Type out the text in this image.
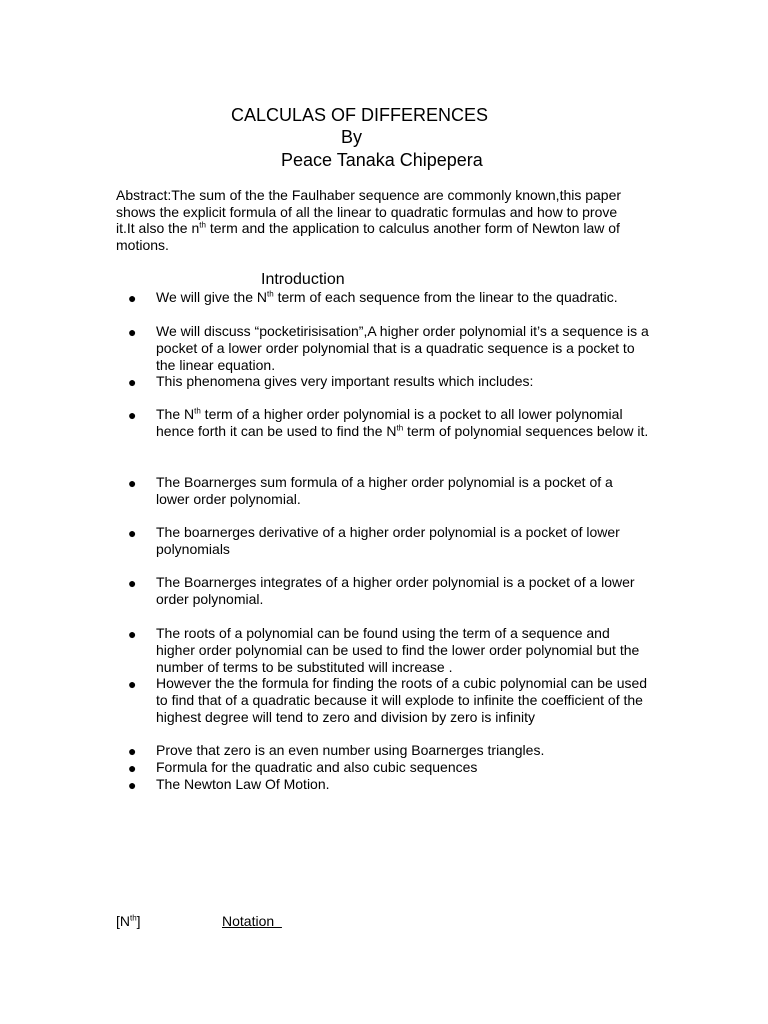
CALCULAS OF DIFFERENCES
By
Peace Tanaka Chipepera
Abstract:The sum of the the Faulhaber sequence are commonly known,this paper shows the explicit formula of all the linear to quadratic formulas and how to prove it.It also the $n^{th}$ term and the application to calculus another form of Newton law of motions.
Introduction
● We will give the $N^{th}$ term of each sequence from the linear to the quadratic.
● We will discuss “pocketirisisation”,A higher order polynomial it’s a sequence is a pocket of a lower order polynomial that is a quadratic sequence is a pocket to the linear equation.
● This phenomena gives very important results which includes:
● The $N^{th}$ term of a higher order polynomial is a pocket to all lower polynomial hence forth it can be used to find the $N^{th}$ term of polynomial sequences below it.
● The Boarnerges sum formula of a higher order polynomial is a pocket of a lower order polynomial.
● The boarnerges derivative of a higher order polynomial is a pocket of lower polynomials
● The Boarnerges integrates of a higher order polynomial is a pocket of a lower order polynomial.
● The roots of a polynomial can be found using the term of a sequence and higher order polynomial can be used to find the lower order polynomial but the number of terms to be substituted will increase .
● However the the formula for finding the roots of a cubic polynomial can be used to find that of a quadratic because it will explode to infinite the coefficient of the highest degree will tend to zero and division by zero is infinity
● Prove that zero is an even number using Boarnerges triangles.
● Formula for the quadratic and also cubic sequences
● The Newton Law Of Motion.
$[N^{th}]$	Notation
